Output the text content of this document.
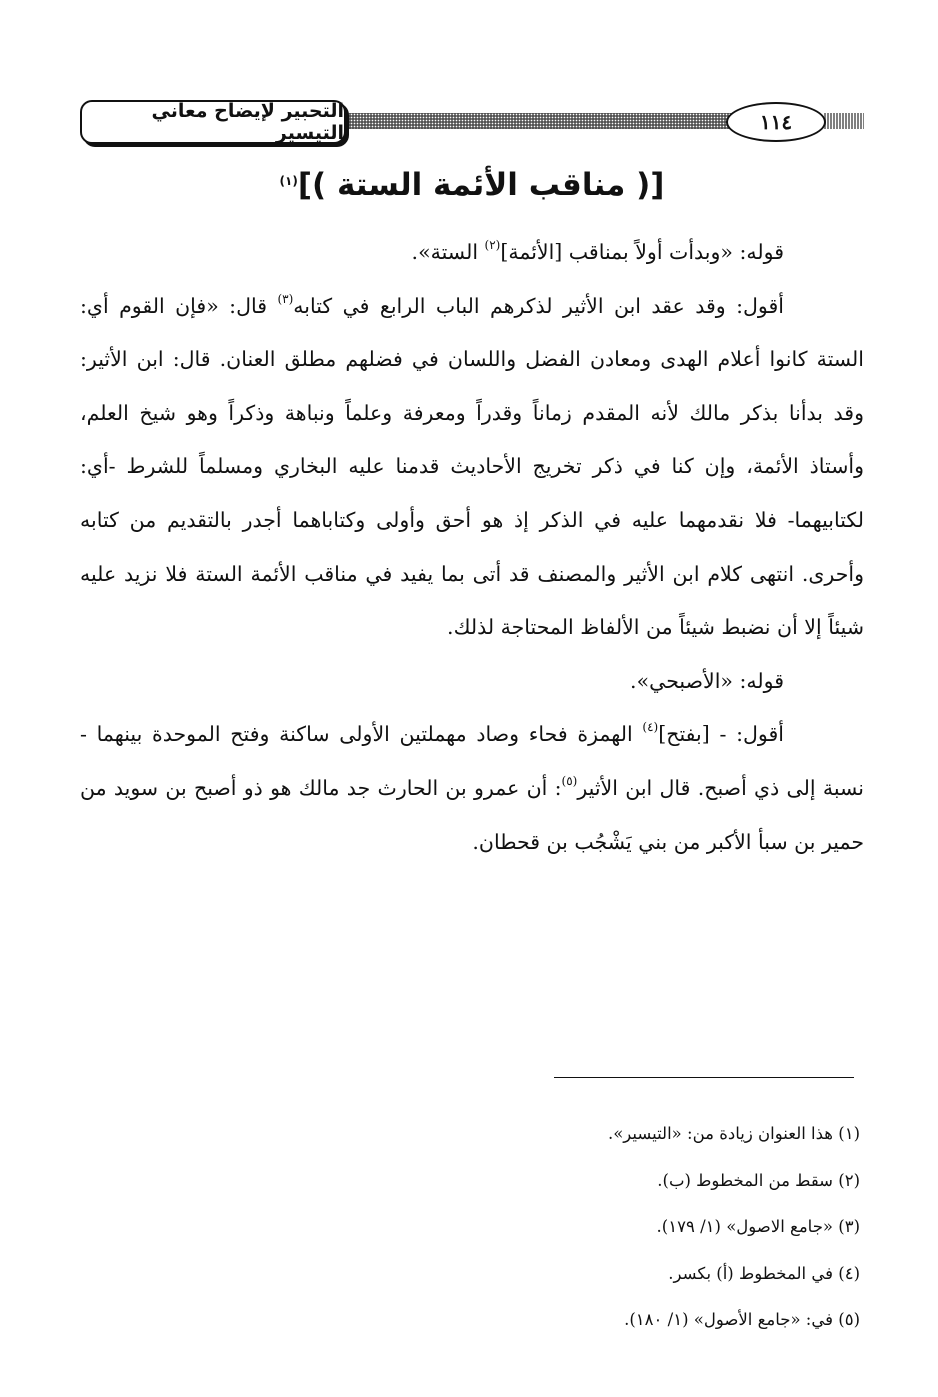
التحبير لإيضاح معاني التيسير	١١٤
[( مناقب الأئمة الستة )]$^{(١)}$

قوله: «وبدأت أولاً بمناقب [الأئمة]$^{(٢)}$ الستة».

أقول: وقد عقد ابن الأثير لذكرهم الباب الرابع في كتابه$^{(٣)}$ قال: «فإن القوم أي: الستة كانوا أعلام الهدى ومعادن الفضل واللسان في فضلهم مطلق العنان. قال: ابن الأثير: وقد بدأنا بذكر مالك لأنه المقدم زماناً وقدراً ومعرفة وعلماً ونباهة وذكراً وهو شيخ العلم، وأستاذ الأئمة، وإن كنا في ذكر تخريج الأحاديث قدمنا عليه البخاري ومسلماً للشرط -أي: لكتابيهما- فلا نقدمهما عليه في الذكر إذ هو أحق وأولى وكتاباهما أجدر بالتقديم من كتابه وأحرى. انتهى كلام ابن الأثير والمصنف قد أتى بما يفيد في مناقب الأئمة الستة فلا نزيد عليه شيئاً إلا أن نضبط شيئاً من الألفاظ المحتاجة لذلك.

قوله: «الأصبحي».

أقول: - [بفتح]$^{(٤)}$ الهمزة فحاء وصاد مهملتين الأولى ساكنة وفتح الموحدة بينهما - نسبة إلى ذي أصبح. قال ابن الأثير$^{(٥)}$: أن عمرو بن الحارث جد مالك هو ذو أصبح بن سويد من حمير بن سبأ الأكبر من بني يَشْجُب بن قحطان.

(١) هذا العنوان زيادة من: «التيسير».

(٢) سقط من المخطوط (ب).

(٣) «جامع الاصول» (١/ ١٧٩).

(٤) في المخطوط (أ) بكسر.

(٥) في: «جامع الأصول» (١/ ١٨٠).
